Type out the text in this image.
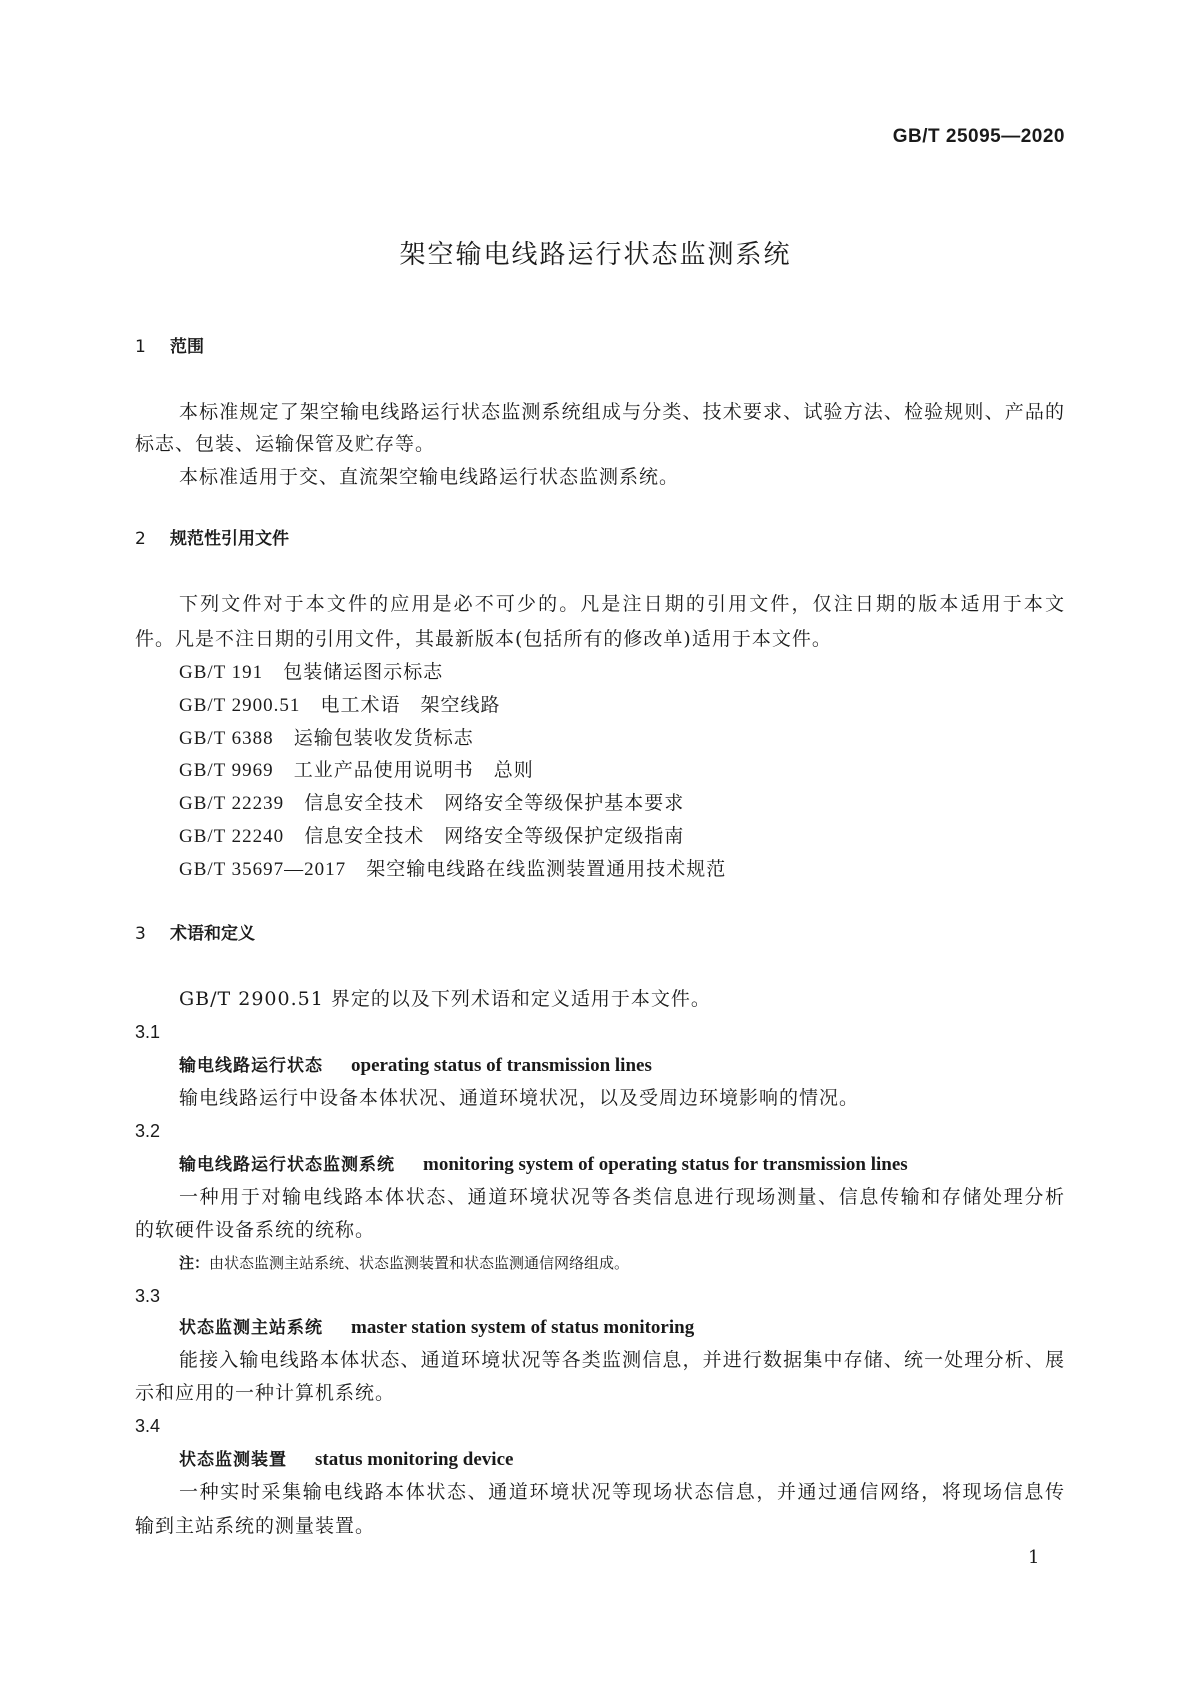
GB/T 25095—2020
架空输电线路运行状态监测系统
1 范围
本标准规定了架空输电线路运行状态监测系统组成与分类、技术要求、试验方法、检验规则、产品的
标志、包装、运输保管及贮存等。
本标准适用于交、直流架空输电线路运行状态监测系统。
2 规范性引用文件
下列文件对于本文件的应用是必不可少的。凡是注日期的引用文件，仅注日期的版本适用于本文
件。凡是不注日期的引用文件，其最新版本(包括所有的修改单)适用于本文件。
GB/T 191 包装储运图示标志
GB/T 2900.51 电工术语　架空线路
GB/T 6388 运输包装收发货标志
GB/T 9969 工业产品使用说明书　总则
GB/T 22239 信息安全技术　网络安全等级保护基本要求
GB/T 22240 信息安全技术　网络安全等级保护定级指南
GB/T 35697—2017 架空输电线路在线监测装置通用技术规范
3 术语和定义
GB/T 2900.51 界定的以及下列术语和定义适用于本文件。
3.1
输电线路运行状态 operating status of transmission lines
输电线路运行中设备本体状况、通道环境状况，以及受周边环境影响的情况。
3.2
输电线路运行状态监测系统 monitoring system of operating status for transmission lines
一种用于对输电线路本体状态、通道环境状况等各类信息进行现场测量、信息传输和存储处理分析
的软硬件设备系统的统称。
注：由状态监测主站系统、状态监测装置和状态监测通信网络组成。
3.3
状态监测主站系统 master station system of status monitoring
能接入输电线路本体状态、通道环境状况等各类监测信息，并进行数据集中存储、统一处理分析、展
示和应用的一种计算机系统。
3.4
状态监测装置 status monitoring device
一种实时采集输电线路本体状态、通道环境状况等现场状态信息，并通过通信网络，将现场信息传
输到主站系统的测量装置。
1
